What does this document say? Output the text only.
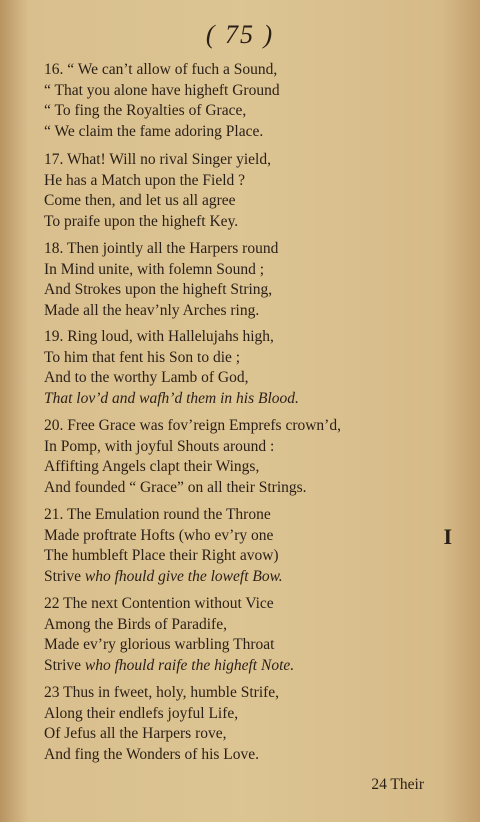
( 75 )
16. “ We can’t allow of fuch a Sound,
“ That you alone have higheft Ground
“ To fing the Royalties of Grace,
“ We claim the fame adoring Place.
17. What! Will no rival Singer yield,
He has a Match upon the Field ?
Come then, and let us all agree
To praife upon the higheft Key.
18. Then jointly all the Harpers round
In Mind unite, with folemn Sound ;
And Strokes upon the higheft String,
Made all the heav’nly Arches ring.
19. Ring loud, with Hallelujahs high,
To him that fent his Son to die ;
And to the worthy Lamb of God,
That lov’d and wafh’d them in his Blood.
20. Free Grace was fov’reign Emprefs crown’d,
In Pomp, with joyful Shouts around :
Affifting Angels clapt their Wings,
And founded “ Grace” on all their Strings.
21. The Emulation round the Throne
Made proftrate Hofts (who ev’ry one
The humbleft Place their Right avow)
Strive who fhould give the loweft Bow.
22 The next Contention without Vice
Among the Birds of Paradife,
Made ev’ry glorious warbling Throat
Strive who fhould raife the higheft Note.
23 Thus in fweet, holy, humble Strife,
Along their endlefs joyful Life,
Of Jefus all the Harpers rove,
And fing the Wonders of his Love.
I
24 Their
